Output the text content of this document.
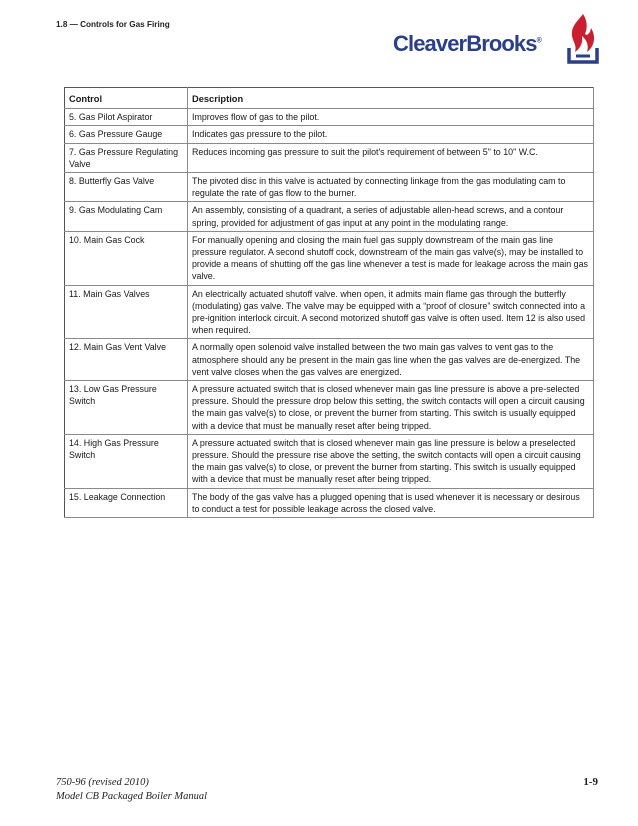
1.8 — Controls for Gas Firing
CleaverBrooks®
Control	Description
5. Gas Pilot Aspirator	Improves flow of gas to the pilot.
6. Gas Pressure Gauge	Indicates gas pressure to the pilot.
7. Gas Pressure Regulating Valve	Reduces incoming gas pressure to suit the pilot's requirement of between 5" to 10" W.C.
8. Butterfly Gas Valve	The pivoted disc in this valve is actuated by connecting linkage from the gas modulating cam to regulate the rate of gas flow to the burner.
9. Gas Modulating Cam	An assembly, consisting of a quadrant, a series of adjustable allen-head screws, and a contour spring, provided for adjustment of gas input at any point in the modulating range.
10. Main Gas Cock	For manually opening and closing the main fuel gas supply downstream of the main gas line pressure regulator. A second shutoff cock, downstream of the main gas valve(s), may be installed to provide a means of shutting off the gas line whenever a test is made for leakage across the main gas valve.
11. Main Gas Valves	An electrically actuated shutoff valve. when open, it admits main flame gas through the butterfly (modulating) gas valve. The valve may be equipped with a “proof of closure” switch connected into a pre-ignition interlock circuit. A second motorized shutoff gas valve is often used. Item 12 is also used when required.
12. Main Gas Vent Valve	A normally open solenoid valve installed between the two main gas valves to vent gas to the atmosphere should any be present in the main gas line when the gas valves are de-energized. The vent valve closes when the gas valves are energized.
13. Low Gas Pressure Switch	A pressure actuated switch that is closed whenever main gas line pressure is above a pre-selected pressure. Should the pressure drop below this setting, the switch contacts will open a circuit causing the main gas valve(s) to close, or prevent the burner from starting. This switch is usually equipped with a device that must be manually reset after being tripped.
14. High Gas Pressure Switch	A pressure actuated switch that is closed whenever main gas line pressure is below a preselected pressure. Should the pressure rise above the setting, the switch contacts will open a circuit causing the main gas valve(s) to close, or prevent the burner from starting. This switch is usually equipped with a device that must be manually reset after being tripped.
15. Leakage Connection	The body of the gas valve has a plugged opening that is used whenever it is necessary or desirous to conduct a test for possible leakage across the closed valve.
750-96 (revised 2010)
Model CB Packaged Boiler Manual
1-9
